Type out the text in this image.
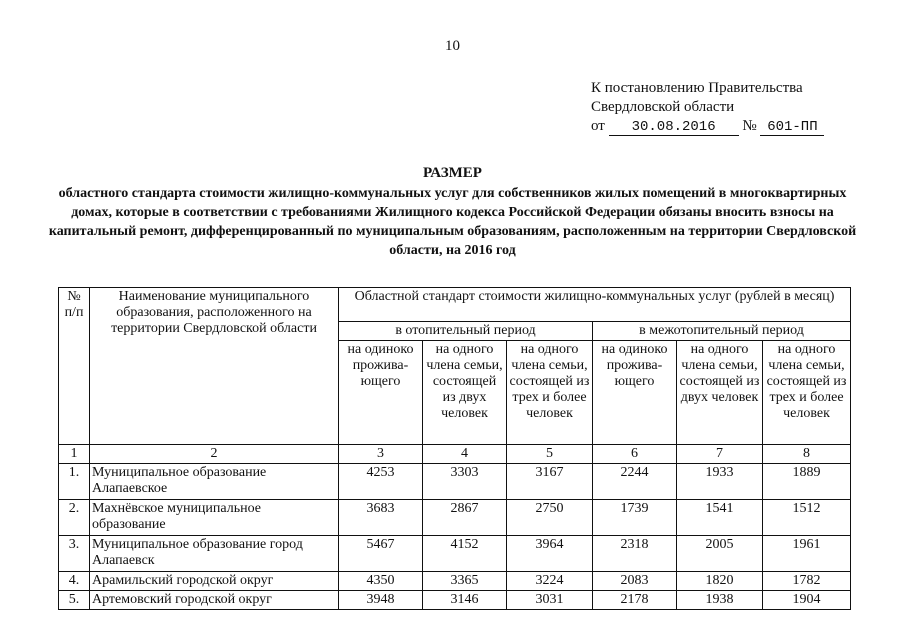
10
К постановлению Правительства
Свердловской области
от 30.08.2016 № 601-ПП
РАЗМЕР
областного стандарта стоимости жилищно-коммунальных услуг для собственников жилых помещений в многоквартирных домах, которые в соответствии с требованиями Жилищного кодекса Российской Федерации обязаны вносить взносы на капитальный ремонт, дифференцированный по муниципальным образованиям, расположенным на территории Свердловской области, на 2016 год
№ п/п	Наименование муниципального образования, расположенного на территории Свердловской области	Областной стандарт стоимости жилищно-коммунальных услуг (рублей в месяц)					
		в отопительный период			в межотопительный период		
		на одиноко прожива-ющего	на одного члена семьи, состоящей из двух человек	на одного члена семьи, состоящей из трех и более человек	на одиноко прожива-ющего	на одного члена семьи, состоящей из двух человек	на одного члена семьи, состоящей из трех и более человек
1	2	3	4	5	6	7	8
1.	Муниципальное образование Алапаевское	4253	3303	3167	2244	1933	1889
2.	Махнёвское муниципальное образование	3683	2867	2750	1739	1541	1512
3.	Муниципальное образование город Алапаевск	5467	4152	3964	2318	2005	1961
4.	Арамильский городской округ	4350	3365	3224	2083	1820	1782
5.	Артемовский городской округ	3948	3146	3031	2178	1938	1904
